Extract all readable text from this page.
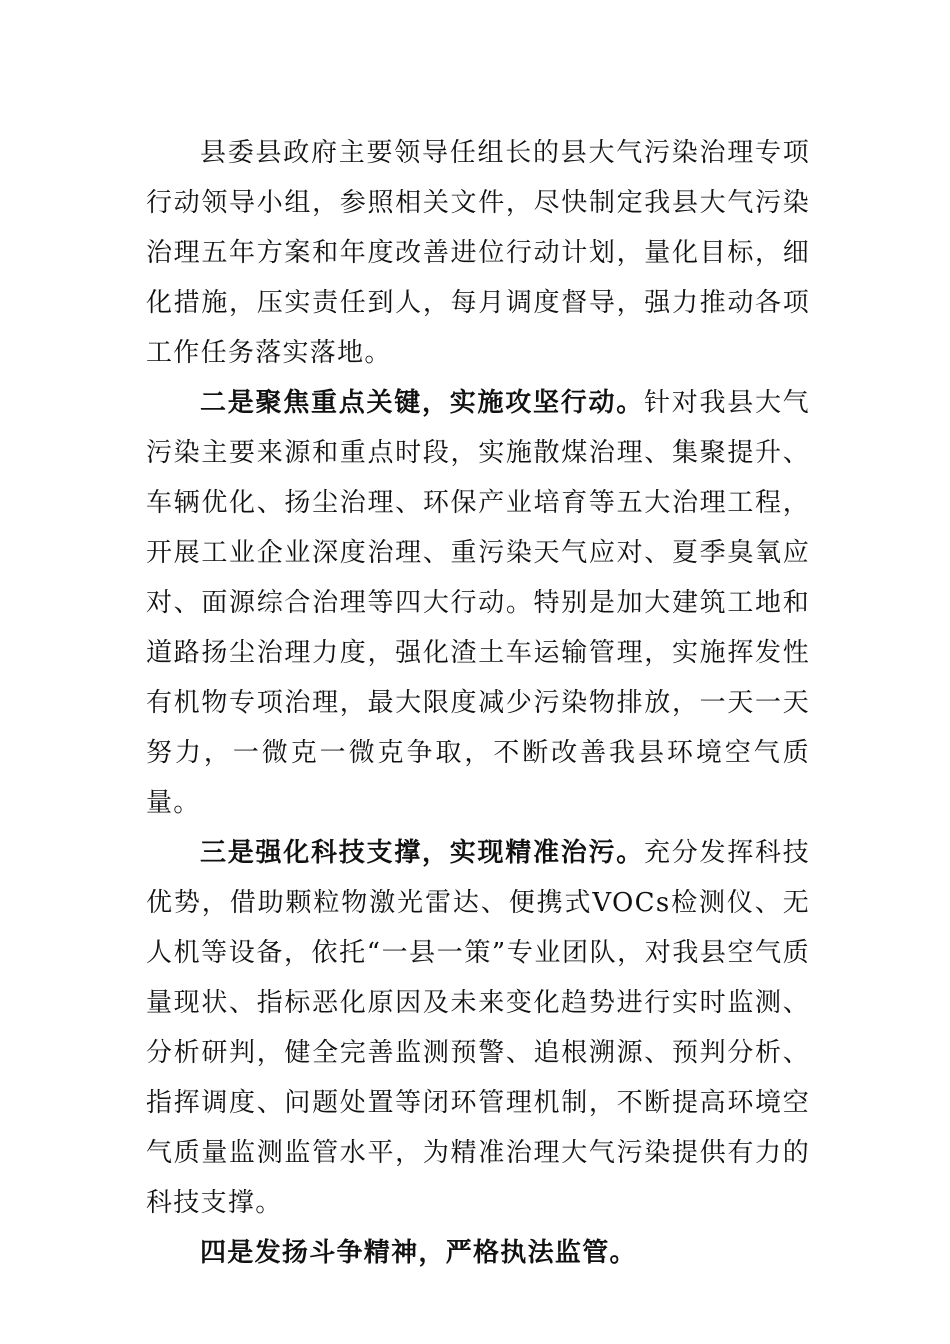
县委县政府主要领导任组长的县大气污染治理专项行动领导小组，参照相关文件，尽快制定我县大气污染治理五年方案和年度改善进位行动计划，量化目标，细化措施，压实责任到人，每月调度督导，强力推动各项工作任务落实落地。

二是聚焦重点关键，实施攻坚行动。针对我县大气污染主要来源和重点时段，实施散煤治理、集聚提升、车辆优化、扬尘治理、环保产业培育等五大治理工程，开展工业企业深度治理、重污染天气应对、夏季臭氧应对、面源综合治理等四大行动。特别是加大建筑工地和道路扬尘治理力度，强化渣土车运输管理，实施挥发性有机物专项治理，最大限度减少污染物排放，一天一天努力，一微克一微克争取，不断改善我县环境空气质量。

三是强化科技支撑，实现精准治污。充分发挥科技优势，借助颗粒物激光雷达、便携式VOCs检测仪、无人机等设备，依托“一县一策”专业团队，对我县空气质量现状、指标恶化原因及未来变化趋势进行实时监测、分析研判，健全完善监测预警、追根溯源、预判分析、指挥调度、问题处置等闭环管理机制，不断提高环境空气质量监测监管水平，为精准治理大气污染提供有力的科技支撑。

四是发扬斗争精神，严格执法监管。
